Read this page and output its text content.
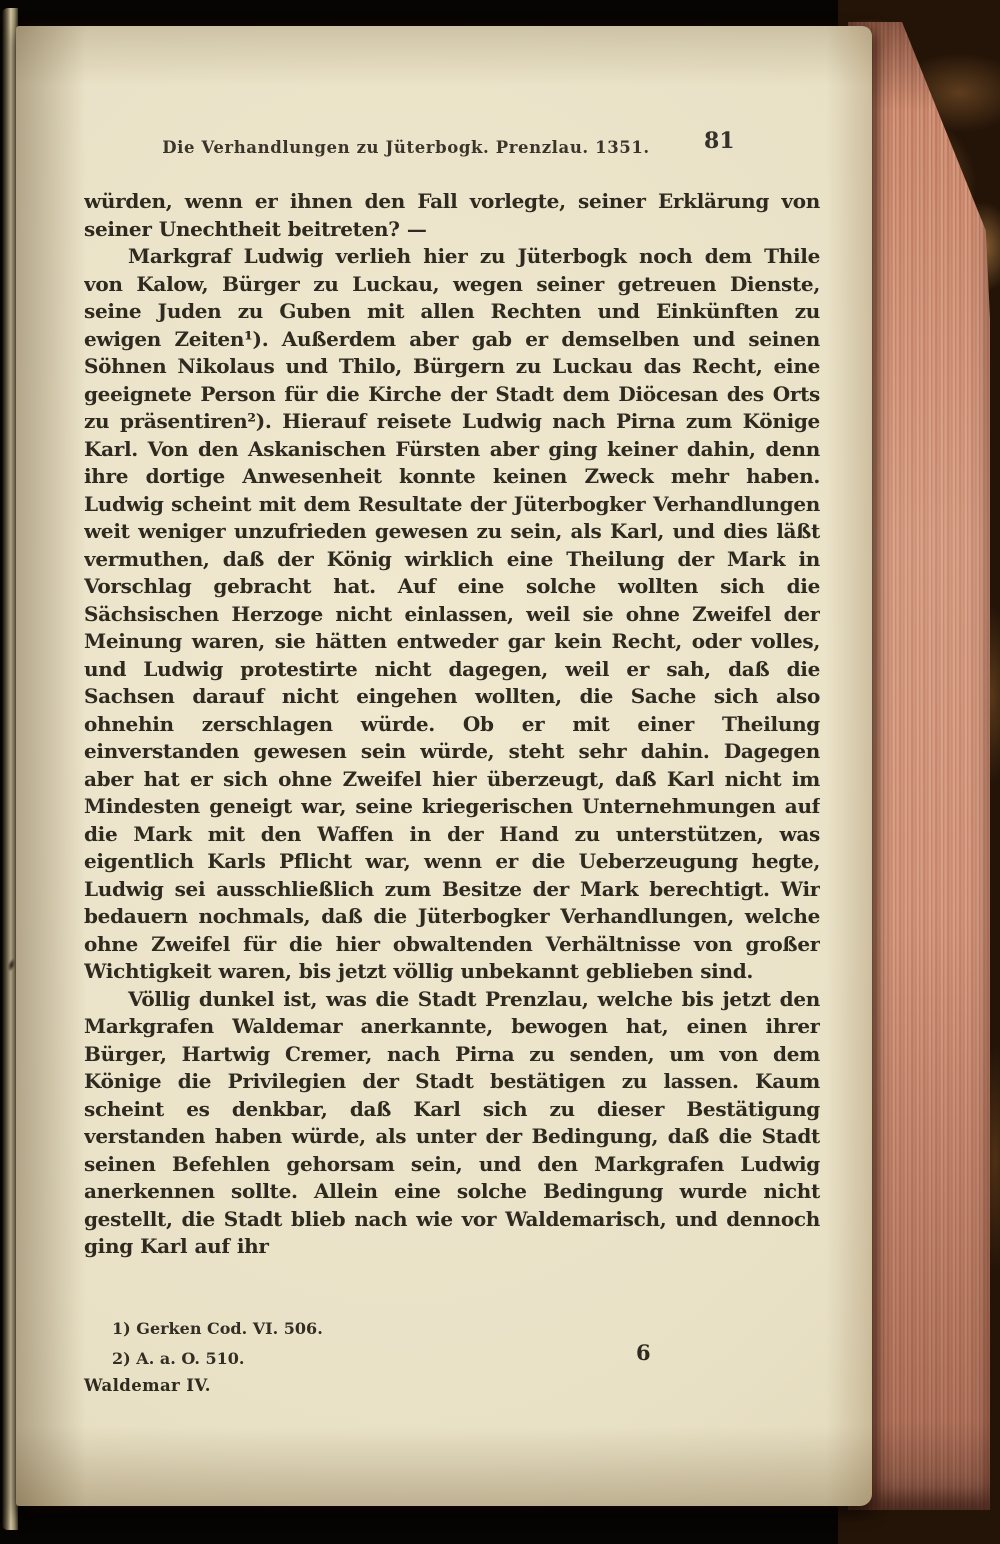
Die Verhandlungen zu Jüterbogk. Prenzlau. 1351.	81

würden, wenn er ihnen den Fall vorlegte, seiner Erklärung von seiner Unechtheit beitreten? —

Markgraf Ludwig verlieh hier zu Jüterbogk noch dem Thile von Kalow, Bürger zu Luckau, wegen seiner getreuen Dienste, seine Juden zu Guben mit allen Rechten und Einkünften zu ewigen Zeiten¹). Außerdem aber gab er demselben und seinen Söhnen Nikolaus und Thilo, Bürgern zu Luckau das Recht, eine geeignete Person für die Kirche der Stadt dem Diöcesan des Orts zu präsentiren²). Hierauf reisete Ludwig nach Pirna zum Könige Karl. Von den Askanischen Fürsten aber ging keiner dahin, denn ihre dortige Anwesenheit konnte keinen Zweck mehr haben. Ludwig scheint mit dem Resultate der Jüterbogker Verhandlungen weit weniger unzufrieden gewesen zu sein, als Karl, und dies läßt vermuthen, daß der König wirklich eine Theilung der Mark in Vorschlag gebracht hat. Auf eine solche wollten sich die Sächsischen Herzoge nicht einlassen, weil sie ohne Zweifel der Meinung waren, sie hätten entweder gar kein Recht, oder volles, und Ludwig protestirte nicht dagegen, weil er sah, daß die Sachsen darauf nicht eingehen wollten, die Sache sich also ohnehin zerschlagen würde. Ob er mit einer Theilung einverstanden gewesen sein würde, steht sehr dahin. Dagegen aber hat er sich ohne Zweifel hier überzeugt, daß Karl nicht im Mindesten geneigt war, seine kriegerischen Unternehmungen auf die Mark mit den Waffen in der Hand zu unterstützen, was eigentlich Karls Pflicht war, wenn er die Ueberzeugung hegte, Ludwig sei ausschließlich zum Besitze der Mark berechtigt. Wir bedauern nochmals, daß die Jüterbogker Verhandlungen, welche ohne Zweifel für die hier obwaltenden Verhältnisse von großer Wichtigkeit waren, bis jetzt völlig unbekannt geblieben sind.

Völlig dunkel ist, was die Stadt Prenzlau, welche bis jetzt den Markgrafen Waldemar anerkannte, bewogen hat, einen ihrer Bürger, Hartwig Cremer, nach Pirna zu senden, um von dem Könige die Privilegien der Stadt bestätigen zu lassen. Kaum scheint es denkbar, daß Karl sich zu dieser Bestätigung verstanden haben würde, als unter der Bedingung, daß die Stadt seinen Befehlen gehorsam sein, und den Markgrafen Ludwig anerkennen sollte. Allein eine solche Bedingung wurde nicht gestellt, die Stadt blieb nach wie vor Waldemarisch, und dennoch ging Karl auf ihr

1) Gerken Cod. VI. 506.
2) A. a. O. 510.	6
Waldemar IV.
